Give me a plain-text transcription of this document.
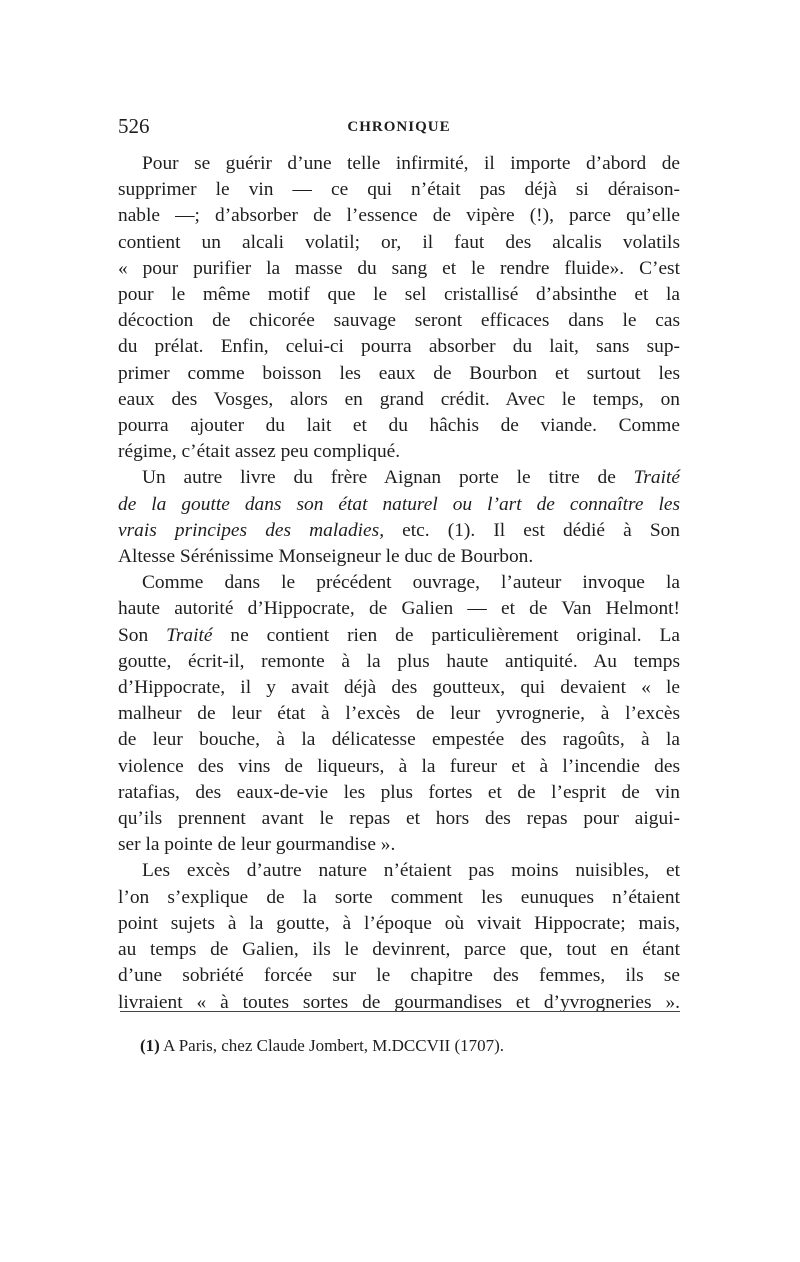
526	CHRONIQUE

Pour se guérir d’une telle infirmité, il importe d’abord de
supprimer le vin — ce qui n’était pas déjà si déraison-
nable —; d’absorber de l’essence de vipère (!), parce qu’elle
contient un alcali volatil; or, il faut des alcalis volatils
« pour purifier la masse du sang et le rendre fluide». C’est
pour le même motif que le sel cristallisé d’absinthe et la
décoction de chicorée sauvage seront efficaces dans le cas
du prélat. Enfin, celui-ci pourra absorber du lait, sans sup-
primer comme boisson les eaux de Bourbon et surtout les
eaux des Vosges, alors en grand crédit. Avec le temps, on
pourra ajouter du lait et du hâchis de viande. Comme
régime, c’était assez peu compliqué.

Un autre livre du frère Aignan porte le titre de Traité
de la goutte dans son état naturel ou l’art de connaître les
vrais principes des maladies, etc. (1). Il est dédié à Son
Altesse Sérénissime Monseigneur le duc de Bourbon.

Comme dans le précédent ouvrage, l’auteur invoque la
haute autorité d’Hippocrate, de Galien — et de Van Helmont!
Son Traité ne contient rien de particulièrement original. La
goutte, écrit-il, remonte à la plus haute antiquité. Au temps
d’Hippocrate, il y avait déjà des goutteux, qui devaient « le
malheur de leur état à l’excès de leur yvrognerie, à l’excès
de leur bouche, à la délicatesse empestée des ragoûts, à la
violence des vins de liqueurs, à la fureur et à l’incendie des
ratafias, des eaux-de-vie les plus fortes et de l’esprit de vin
qu’ils prennent avant le repas et hors des repas pour aigui-
ser la pointe de leur gourmandise ».

Les excès d’autre nature n’étaient pas moins nuisibles, et
l’on s’explique de la sorte comment les eunuques n’étaient
point sujets à la goutte, à l’époque où vivait Hippocrate; mais,
au temps de Galien, ils le devinrent, parce que, tout en étant
d’une sobriété forcée sur le chapitre des femmes, ils se
livraient « à toutes sortes de gourmandises et d’yvrogneries ».

(1) A Paris, chez Claude Jombert, M.DCCVII (1707).
